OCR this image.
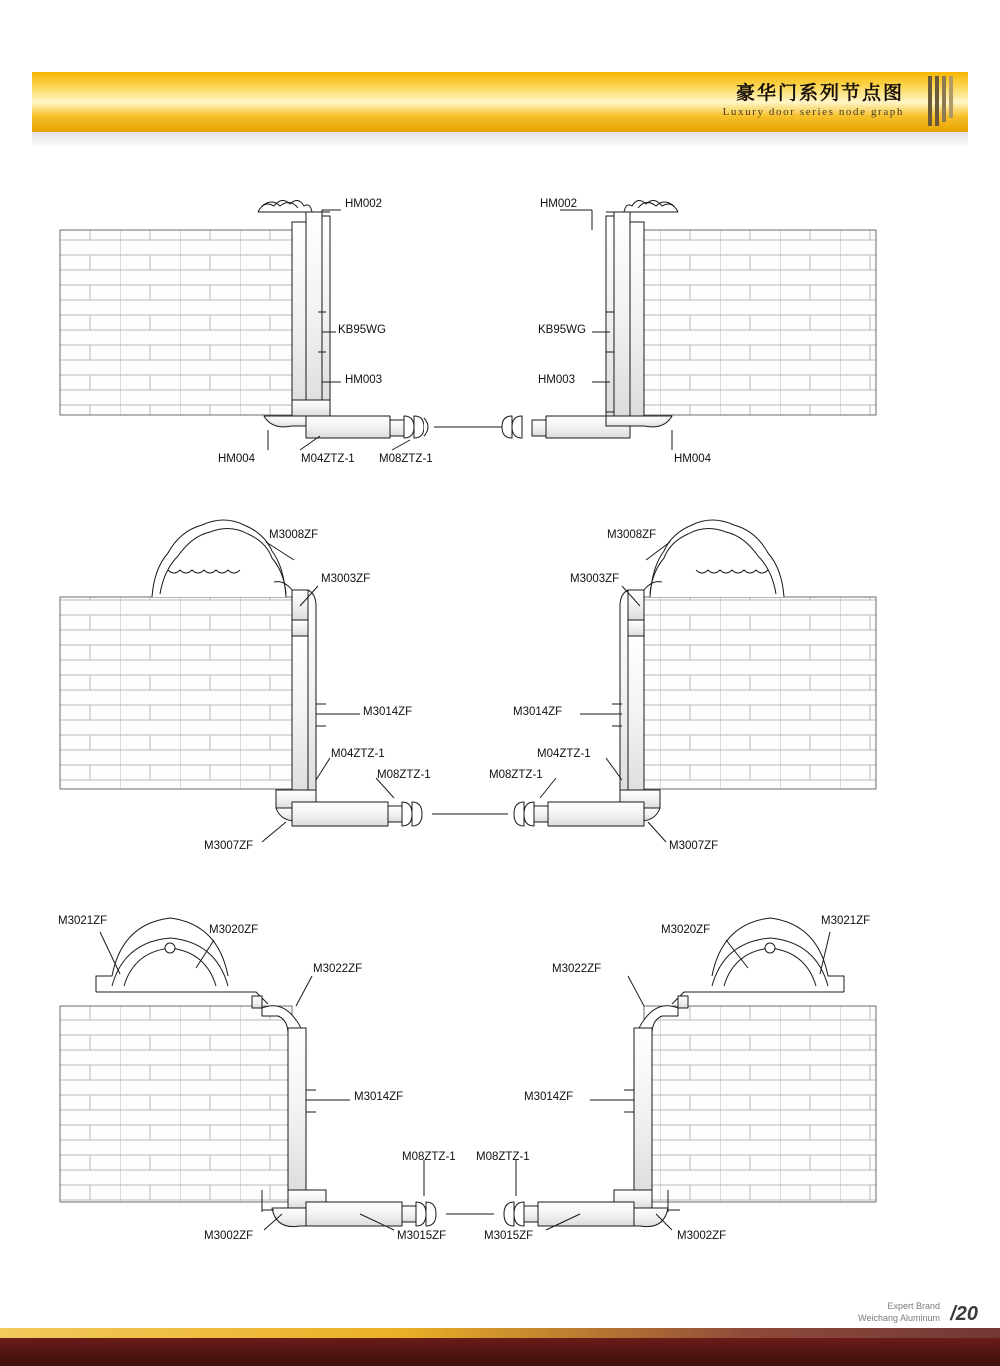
豪华门系列节点图
Luxury door series node graph
HM002	HM002
KB95WG	KB95WG
HM003	HM003
HM004	M04ZTZ-1 M08ZTZ-1	HM004
M3008ZF	M3008ZF
M3003ZF	M3003ZF
M3014ZF	M3014ZF
M04ZTZ-1	M04ZTZ-1
M08ZTZ-1	M08ZTZ-1
M3007ZF	M3007ZF
M3021ZF
M3020ZF
M3022ZF	M3022ZF
M3020ZF
M3021ZF
M3014ZF	M3014ZF
M08ZTZ-1 M08ZTZ-1
M3002ZF	M3015ZF	M3015ZF	M3002ZF
Expert Brand
Weichang Aluminum /20
